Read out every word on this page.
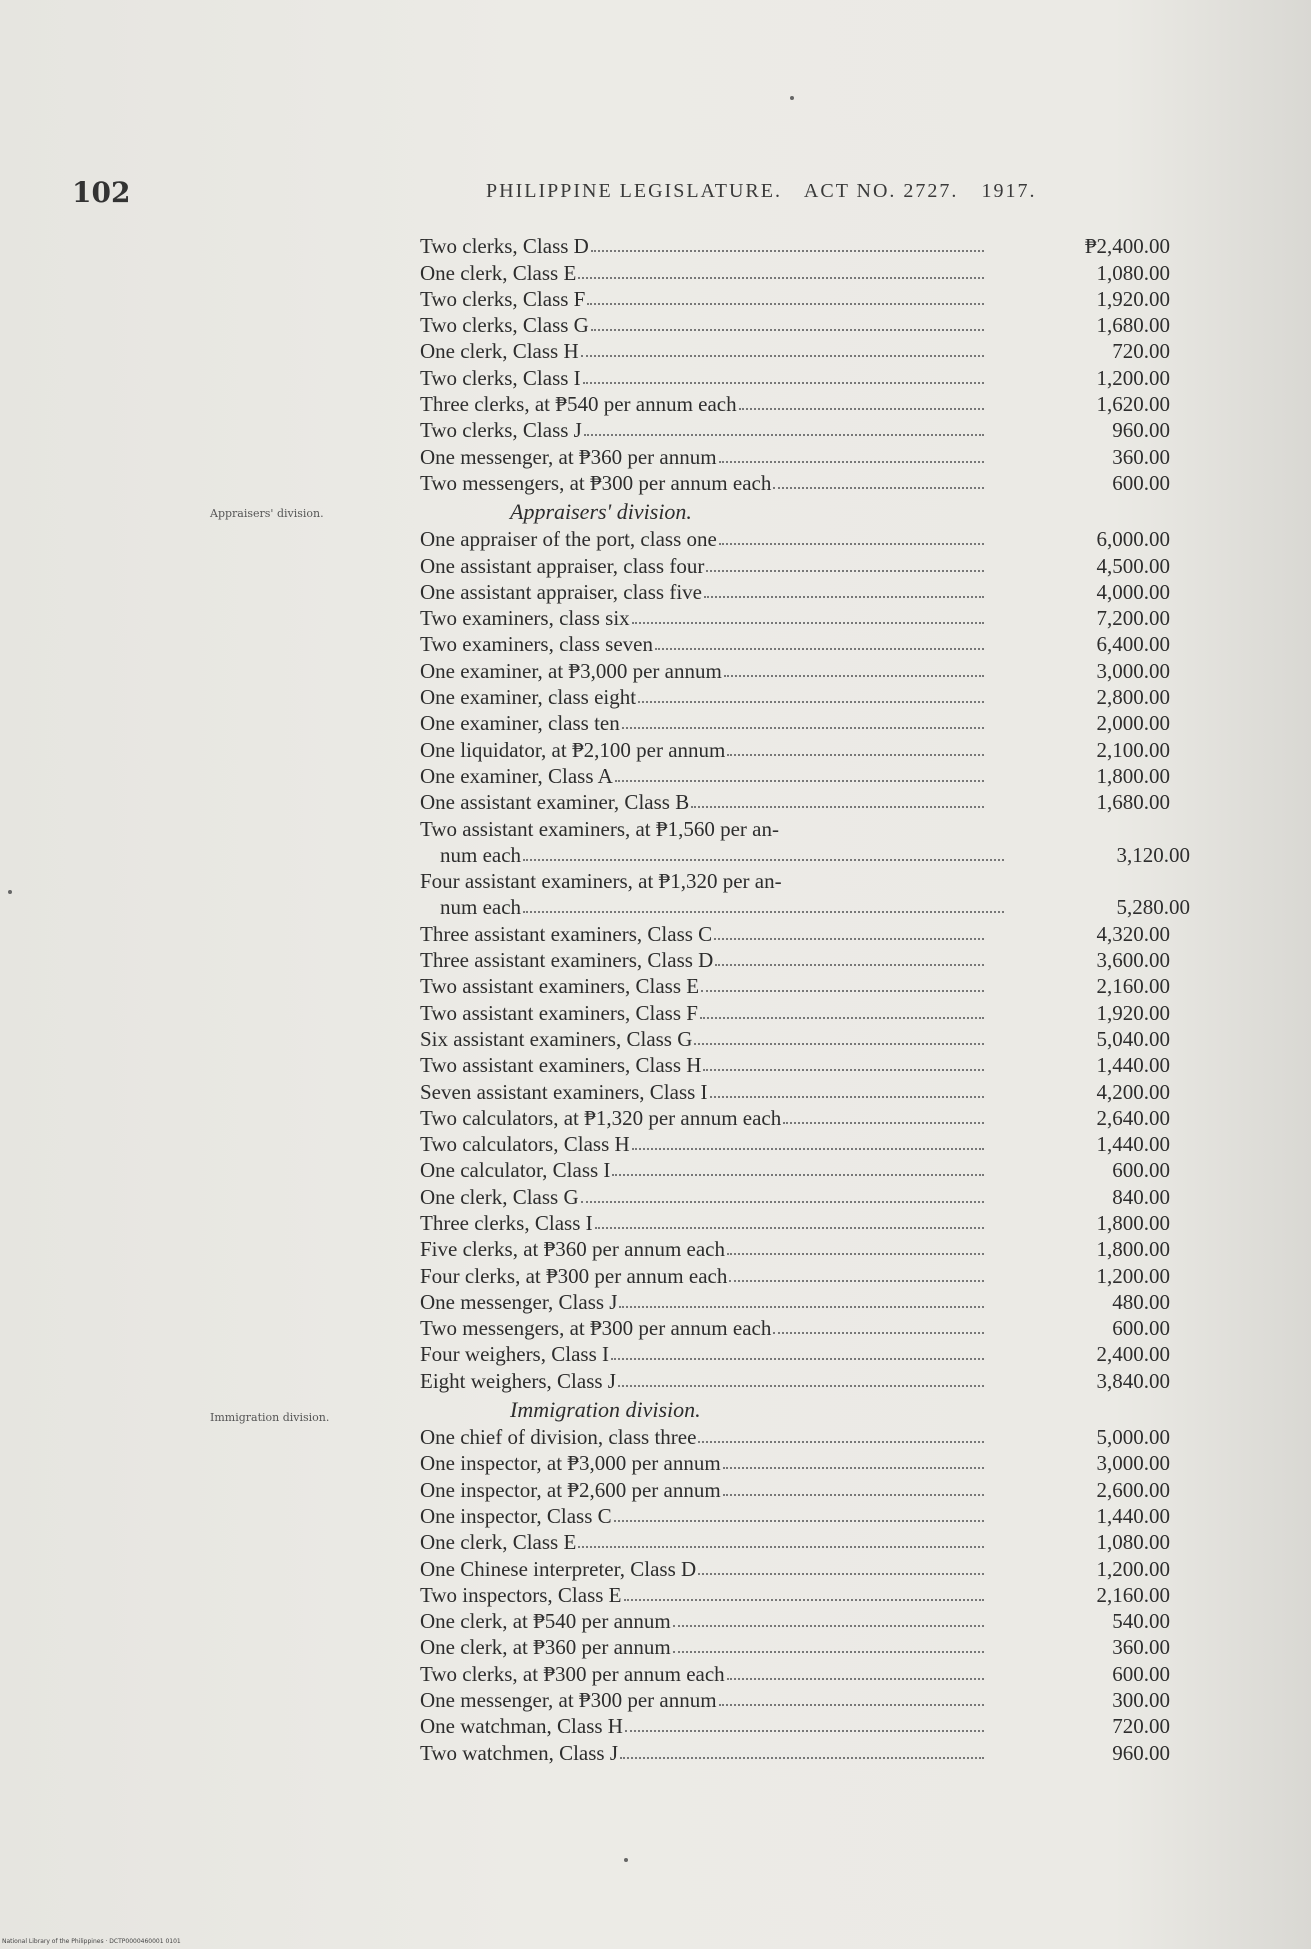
102	PHILIPPINE LEGISLATURE. ACT NO. 2727. 1917.
Appraisers' division.
Immigration division.
Two clerks, Class D	₱2,400.00
One clerk, Class E	1,080.00
Two clerks, Class F	1,920.00
Two clerks, Class G	1,680.00
One clerk, Class H	720.00
Two clerks, Class I	1,200.00
Three clerks, at ₱540 per annum each	1,620.00
Two clerks, Class J	960.00
One messenger, at ₱360 per annum	360.00
Two messengers, at ₱300 per annum each	600.00
Appraisers' division.
One appraiser of the port, class one	6,000.00
One assistant appraiser, class four	4,500.00
One assistant appraiser, class five	4,000.00
Two examiners, class six	7,200.00
Two examiners, class seven	6,400.00
One examiner, at ₱3,000 per annum	3,000.00
One examiner, class eight	2,800.00
One examiner, class ten	2,000.00
One liquidator, at ₱2,100 per annum	2,100.00
One examiner, Class A	1,800.00
One assistant examiner, Class B	1,680.00
Two assistant examiners, at ₱1,560 per an-
num each	3,120.00
Four assistant examiners, at ₱1,320 per an-
num each	5,280.00
Three assistant examiners, Class C	4,320.00
Three assistant examiners, Class D	3,600.00
Two assistant examiners, Class E	2,160.00
Two assistant examiners, Class F	1,920.00
Six assistant examiners, Class G	5,040.00
Two assistant examiners, Class H	1,440.00
Seven assistant examiners, Class I	4,200.00
Two calculators, at ₱1,320 per annum each	2,640.00
Two calculators, Class H	1,440.00
One calculator, Class I	600.00
One clerk, Class G	840.00
Three clerks, Class I	1,800.00
Five clerks, at ₱360 per annum each	1,800.00
Four clerks, at ₱300 per annum each	1,200.00
One messenger, Class J	480.00
Two messengers, at ₱300 per annum each	600.00
Four weighers, Class I	2,400.00
Eight weighers, Class J	3,840.00
Immigration division.
One chief of division, class three	5,000.00
One inspector, at ₱3,000 per annum	3,000.00
One inspector, at ₱2,600 per annum	2,600.00
One inspector, Class C	1,440.00
One clerk, Class E	1,080.00
One Chinese interpreter, Class D	1,200.00
Two inspectors, Class E	2,160.00
One clerk, at ₱540 per annum	540.00
One clerk, at ₱360 per annum	360.00
Two clerks, at ₱300 per annum each	600.00
One messenger, at ₱300 per annum	300.00
One watchman, Class H	720.00
Two watchmen, Class J	960.00
National Library of the Philippines · DCTP0000460001 0101
